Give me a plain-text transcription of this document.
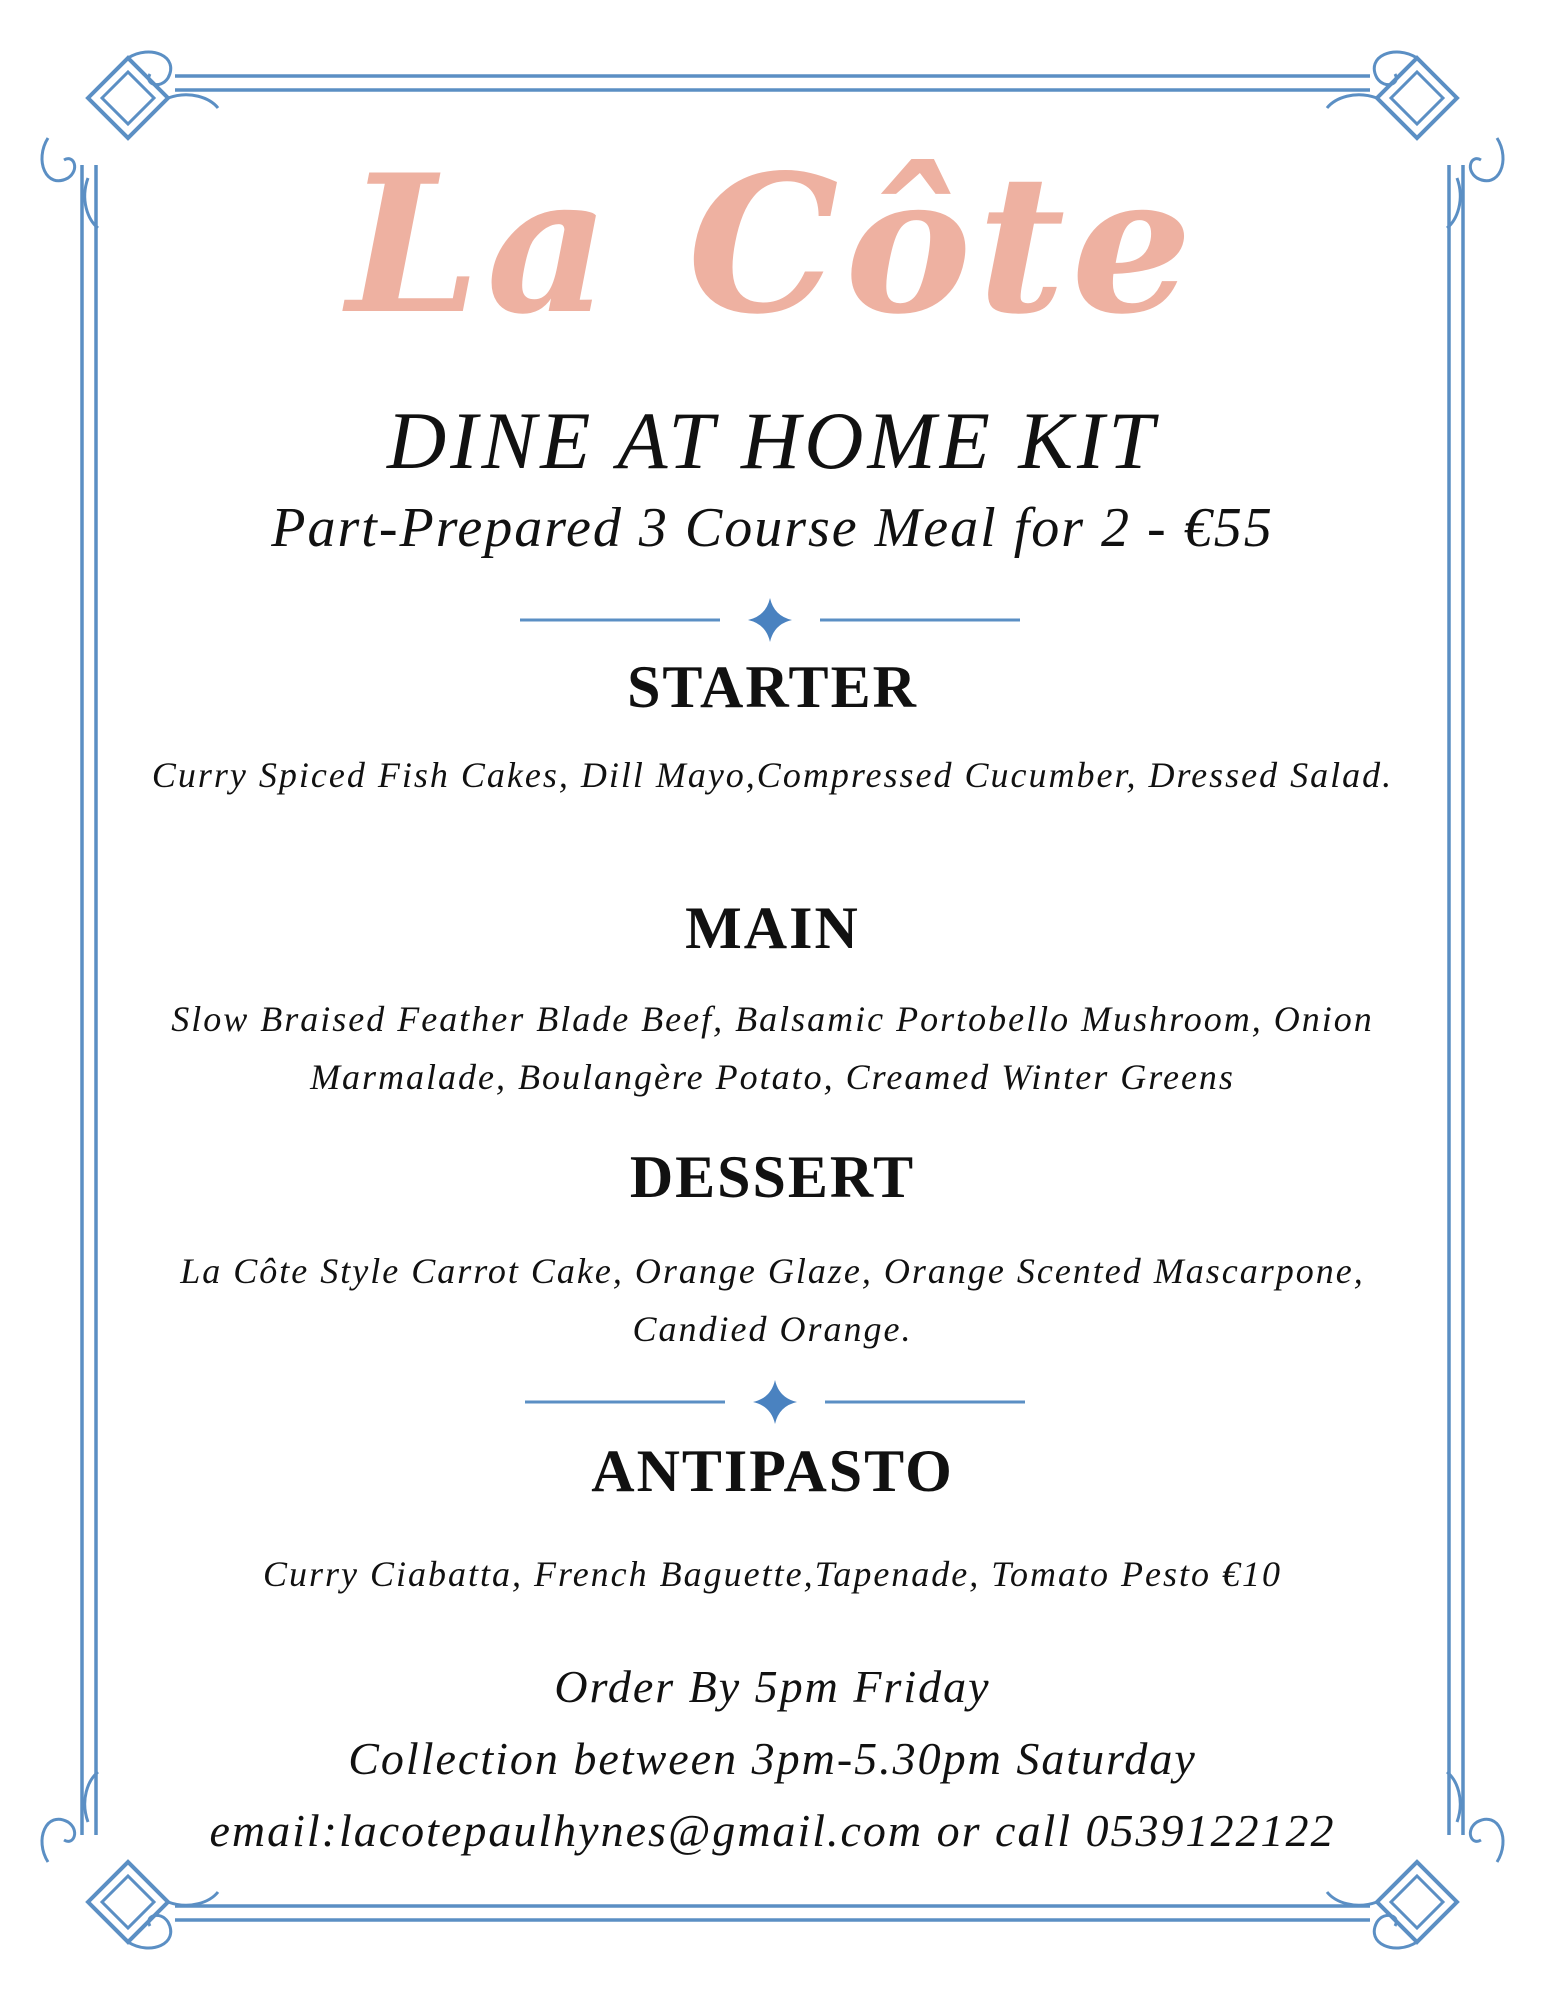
La Côte
DINE AT HOME KIT
Part-Prepared 3 Course Meal for 2 - €55
STARTER
Curry Spiced Fish Cakes, Dill Mayo,Compressed Cucumber, Dressed Salad.
MAIN
Slow Braised Feather Blade Beef, Balsamic Portobello Mushroom, Onion
Marmalade, Boulangère Potato, Creamed Winter Greens
DESSERT
La Côte Style Carrot Cake, Orange Glaze, Orange Scented Mascarpone,
Candied Orange.
ANTIPASTO
Curry Ciabatta, French Baguette,Tapenade, Tomato Pesto €10
Order By 5pm Friday
Collection between 3pm-5.30pm Saturday
email:lacotepaulhynes@gmail.com or call 0539122122
